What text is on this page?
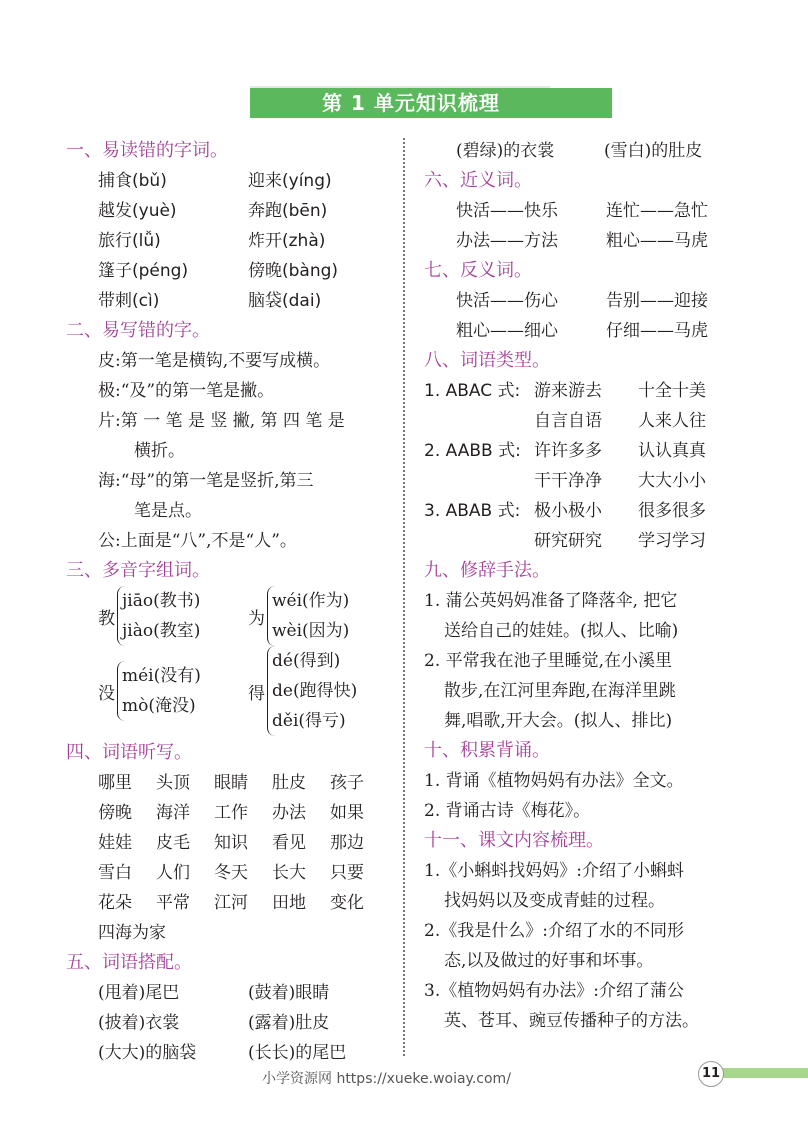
第 1 单元知识梳理
一、易读错的字词。
捕食(bǔ)	迎来(yíng)
越发(yuè)	奔跑(bēn)
旅行(lǚ)	炸开(zhà)
篷子(péng)	傍晚(bàng)
带刺(cì)	脑袋(dai)
二、易写错的字。
皮:第一笔是横钩,不要写成横。
极:“及”的第一笔是撇。
片:第 一 笔 是 竖 撇, 第 四 笔 是
横折。
海:“母”的第一笔是竖折,第三
笔是点。
公:上面是“八”,不是“人”。
三、多音字组词。
教
jiāo(教书)
jiào(教室)
为
wéi(作为)
wèi(因为)
没
méi(没有)
mò(淹没)
得
dé(得到)
de(跑得快)
děi(得亏)
四、词语听写。
哪里 头顶 眼睛 肚皮 孩子
傍晚 海洋 工作 办法 如果
娃娃 皮毛 知识 看见 那边
雪白 人们 冬天 长大 只要
花朵 平常 江河 田地 变化
四海为家
五、词语搭配。
(甩着)尾巴	(鼓着)眼睛
(披着)衣裳	(露着)肚皮
(大大)的脑袋	(长长)的尾巴
(碧绿)的衣裳	(雪白)的肚皮
六、近义词。
快活——快乐	连忙——急忙
办法——方法	粗心——马虎
七、反义词。
快活——伤心	告别——迎接
粗心——细心	仔细——马虎
八、词语类型。
1. ABAC 式: 游来游去 十全十美
自言自语 人来人往
2. AABB 式: 许许多多 认认真真
干干净净 大大小小
3. ABAB 式: 极小极小 很多很多
研究研究 学习学习
九、修辞手法。
1. 蒲公英妈妈准备了降落伞, 把它
送给自己的娃娃。(拟人、比喻)
2. 平常我在池子里睡觉,在小溪里
散步,在江河里奔跑,在海洋里跳
舞,唱歌,开大会。(拟人、排比)
十、积累背诵。
1. 背诵《植物妈妈有办法》全文。
2. 背诵古诗《梅花》。
十一、课文内容梳理。
1.《小蝌蚪找妈妈》:介绍了小蝌蚪
找妈妈以及变成青蛙的过程。
2.《我是什么》:介绍了水的不同形
态,以及做过的好事和坏事。
3.《植物妈妈有办法》:介绍了蒲公
英、苍耳、豌豆传播种子的方法。
小学资源网 https://xueke.woiay.com/	11
